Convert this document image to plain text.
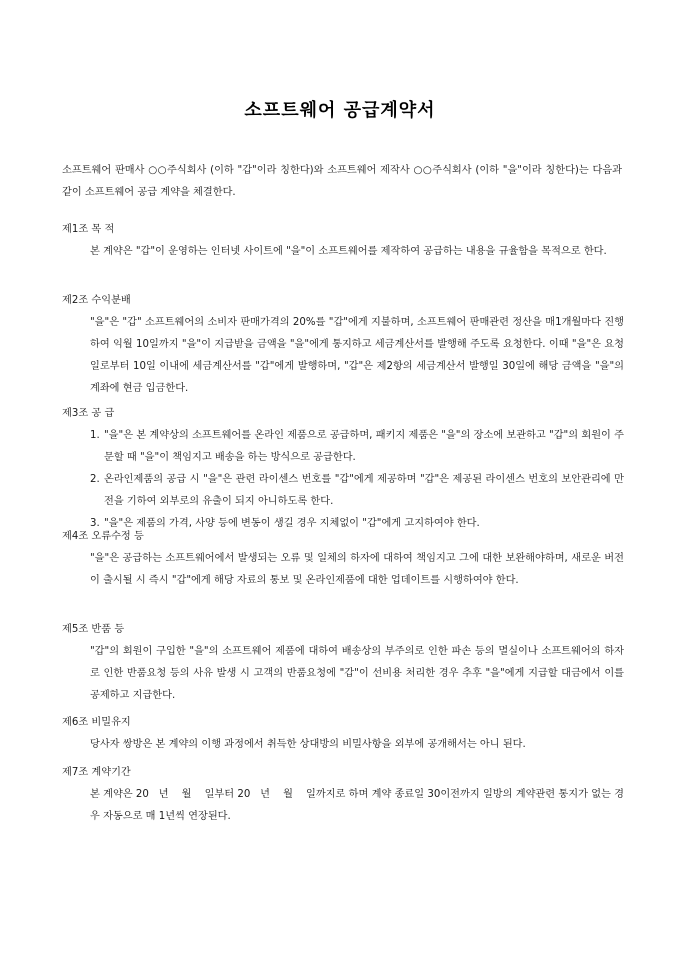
소프트웨어 공급계약서
소프트웨어 판매사 ○○주식회사 (이하 "갑"이라 칭한다)와 소프트웨어 제작사 ○○주식회사 (이하 "을"이라 칭한다)는 다음과 같이 소프트웨어 공급 계약을 체결한다.
제1조 목 적
본 계약은 "갑"이 운영하는 인터넷 사이트에 "을"이 소프트웨어를 제작하여 공급하는 내용을 규율함을 목적으로 한다.
제2조 수익분배
"을"은 "갑" 소프트웨어의 소비자 판매가격의 20%를 "갑"에게 지불하며, 소프트웨어 판매관련 정산을 매1개월마다 진행하여 익월 10일까지 "을"이 지급받을 금액을 "을"에게 통지하고 세금계산서를 발행해 주도록 요청한다. 이때 "을"은 요청일로부터 10일 이내에 세금계산서를 "갑"에게 발행하며, "갑"은 제2항의 세금계산서 발행일 30일에 해당 금액을 "을"의 계좌에 현금 입금한다.
제3조 공 급
1. "을"은 본 계약상의 소프트웨어를 온라인 제품으로 공급하며, 패키지 제품은 "을"의 장소에 보관하고 "갑"의 회원이 주문할 때 "을"이 책임지고 배송을 하는 방식으로 공급한다.
2. 온라인제품의 공급 시 "을"은 관련 라이센스 번호를 "갑"에게 제공하며 "갑"은 제공된 라이센스 번호의 보안관리에 만전을 기하여 외부로의 유출이 되지 아니하도록 한다.
3. "을"은 제품의 가격, 사양 등에 변동이 생길 경우 지체없이 "갑"에게 고지하여야 한다.
제4조 오류수정 등
"을"은 공급하는 소프트웨어에서 발생되는 오류 및 일체의 하자에 대하여 책임지고 그에 대한 보완해야하며, 새로운 버전이 출시될 시 즉시 "갑"에게 해당 자료의 통보 및 온라인제품에 대한 업데이트를 시행하여야 한다.
제5조 반품 등
"갑"의 회원이 구입한 "을"의 소프트웨어 제품에 대하여 배송상의 부주의로 인한 파손 등의 멸실이나 소프트웨어의 하자로 인한 반품요청 등의 사유 발생 시 고객의 반품요청에 "갑"이 선비용 처리한 경우 추후 "을"에게 지급할 대금에서 이를 공제하고 지급한다.
제6조 비밀유지
당사자 쌍방은 본 계약의 이행 과정에서 취득한 상대방의 비밀사항을 외부에 공개해서는 아니 된다.
제7조 계약기간
본 계약은 20   년    월    일부터 20   년    월    일까지로 하며 계약 종료일 30이전까지 일방의 계약관련 통지가 없는 경우 자동으로 매 1년씩 연장된다.
